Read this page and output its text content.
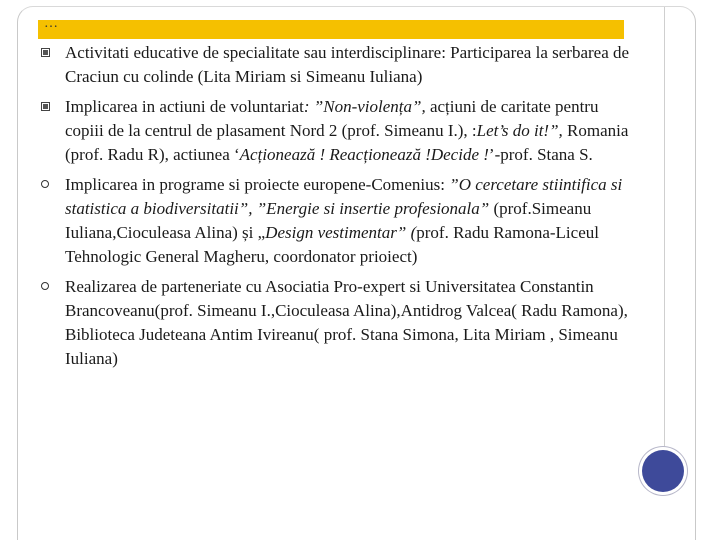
…
Activitati educative de specialitate sau interdisciplinare: Participarea la serbarea de Craciun cu colinde (Lita Miriam si Simeanu Iuliana)
Implicarea in actiuni de voluntariat: ”Non-violența”, acțiuni de caritate pentru copiii de la centrul de plasament Nord 2 (prof. Simeanu I.), :Let’s do it!”, Romania (prof. Radu R), actiunea ‘Acționează ! Reacționează !Decide !’-prof. Stana S.
Implicarea in programe si proiecte europene-Comenius: ”O cercetare stiintifica si statistica a biodiversitatii”, ”Energie si insertie profesionala” (prof.Simeanu Iuliana,Cioculeasa Alina) și „Design vestimentar” (prof. Radu Ramona-Liceul Tehnologic General Magheru, coordonator prioiect)
Realizarea de parteneriate cu Asociatia Pro-expert si Universitatea Constantin Brancoveanu(prof. Simeanu I.,Cioculeasa Alina),Antidrog Valcea( Radu Ramona), Biblioteca Judeteana Antim Ivireanu( prof. Stana Simona, Lita Miriam , Simeanu Iuliana)
